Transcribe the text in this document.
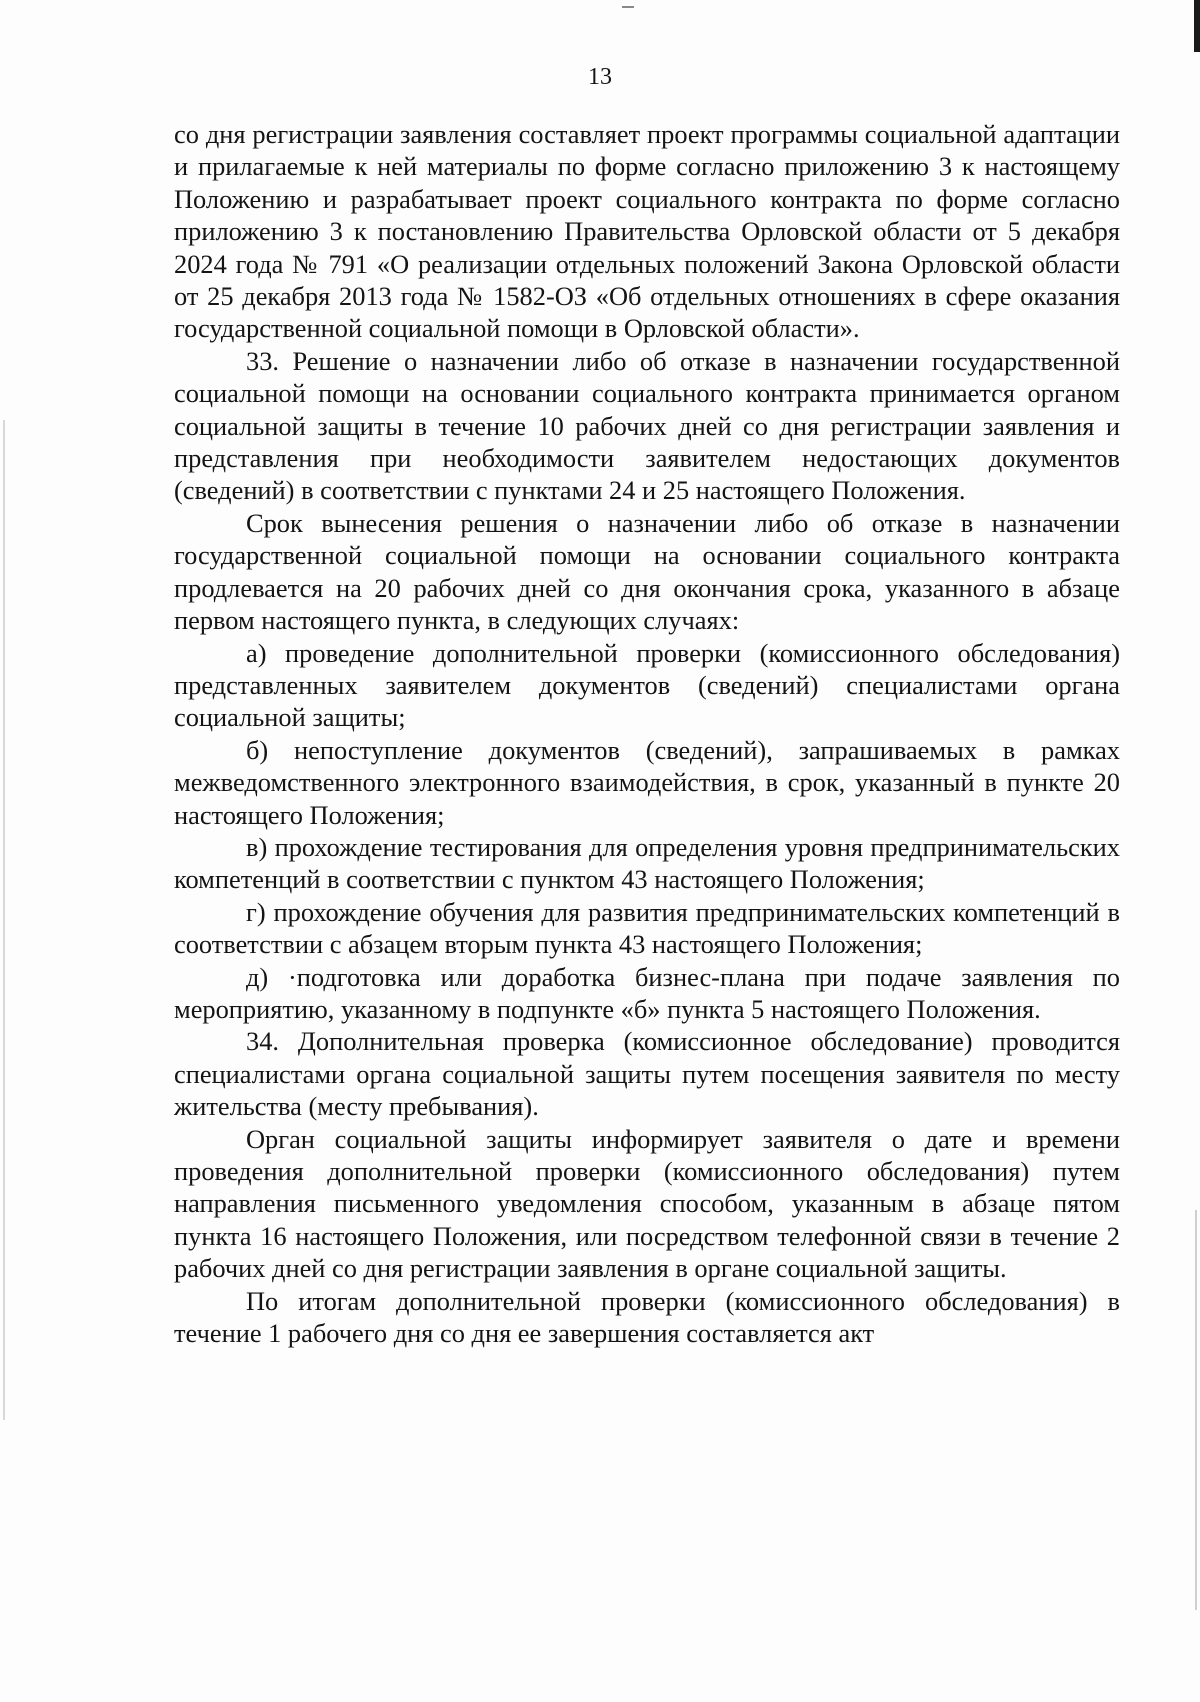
13

со дня регистрации заявления составляет проект программы социальной адаптации и прилагаемые к ней материалы по форме согласно приложению 3 к настоящему Положению и разрабатывает проект социального контракта по форме согласно приложению 3 к постановлению Правительства Орловской области от 5 декабря 2024 года № 791 «О реализации отдельных положений Закона Орловской области от 25 декабря 2013 года № 1582-ОЗ «Об отдельных отношениях в сфере оказания государственной социальной помощи в Орловской области».

33. Решение о назначении либо об отказе в назначении государственной социальной помощи на основании социального контракта принимается органом социальной защиты в течение 10 рабочих дней со дня регистрации заявления и представления при необходимости заявителем недостающих документов (сведений) в соответствии с пунктами 24 и 25 настоящего Положения.

Срок вынесения решения о назначении либо об отказе в назначении государственной социальной помощи на основании социального контракта продлевается на 20 рабочих дней со дня окончания срока, указанного в абзаце первом настоящего пункта, в следующих случаях:

а) проведение дополнительной проверки (комиссионного обследования) представленных заявителем документов (сведений) специалистами органа социальной защиты;

б) непоступление документов (сведений), запрашиваемых в рамках межведомственного электронного взаимодействия, в срок, указанный в пункте 20 настоящего Положения;

в) прохождение тестирования для определения уровня предпринимательских компетенций в соответствии с пунктом 43 настоящего Положения;

г) прохождение обучения для развития предпринимательских компетенций в соответствии с абзацем вторым пункта 43 настоящего Положения;

д) ·подготовка или доработка бизнес-плана при подаче заявления по мероприятию, указанному в подпункте «б» пункта 5 настоящего Положения.

34. Дополнительная проверка (комиссионное обследование) проводится специалистами органа социальной защиты путем посещения заявителя по месту жительства (месту пребывания).

Орган социальной защиты информирует заявителя о дате и времени проведения дополнительной проверки (комиссионного обследования) путем направления письменного уведомления способом, указанным в абзаце пятом пункта 16 настоящего Положения, или посредством телефонной связи в течение 2 рабочих дней со дня регистрации заявления в органе социальной защиты.

По итогам дополнительной проверки (комиссионного обследования) в течение 1 рабочего дня со дня ее завершения составляется акт
